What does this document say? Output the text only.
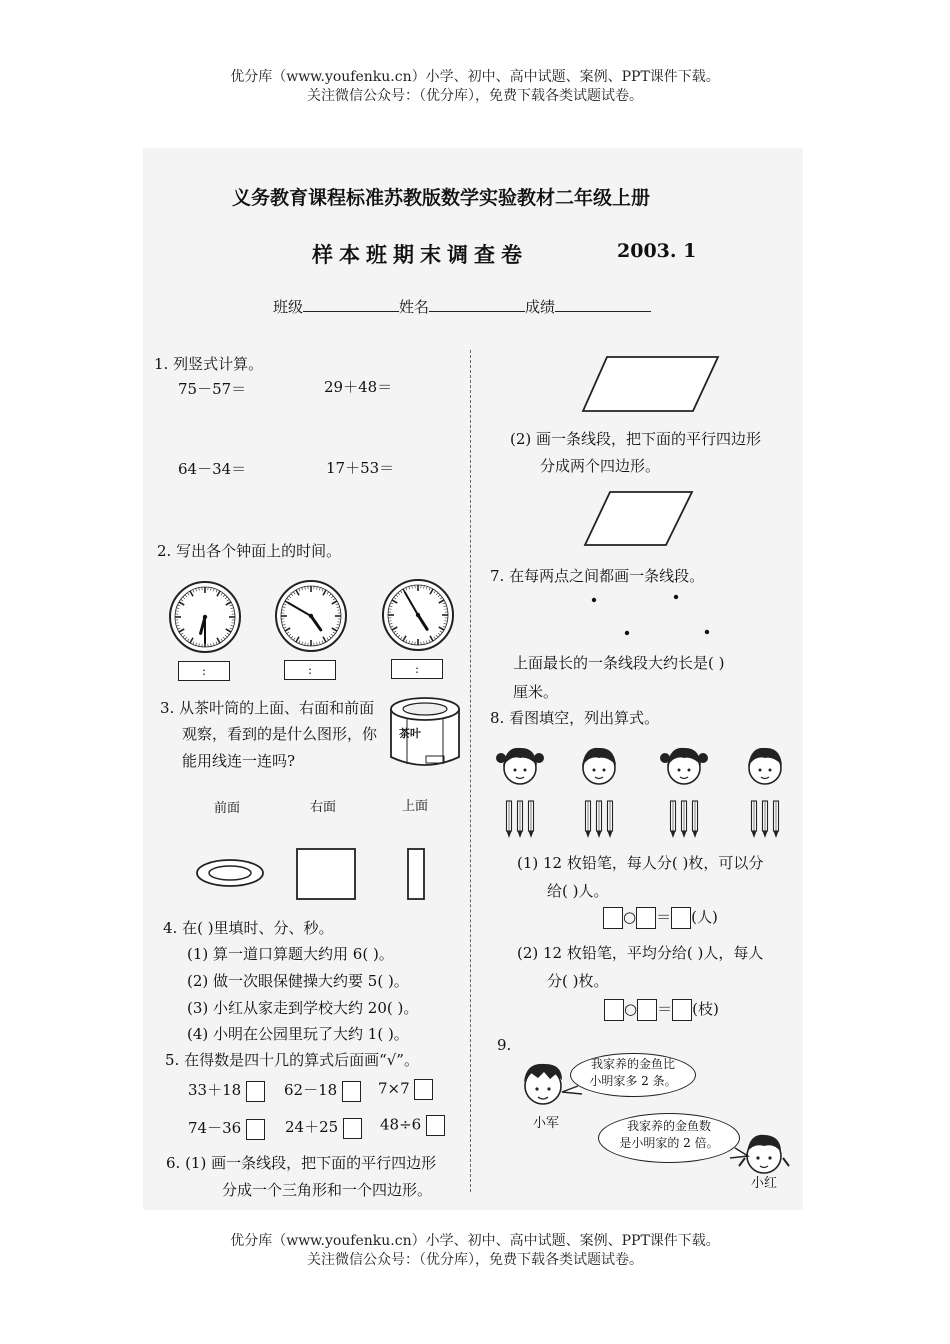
优分库（www.youfenku.cn）小学、初中、高中试题、案例、PPT课件下载。
关注微信公众号：（优分库），免费下载各类试题试卷。
义务教育课程标准苏教版数学实验教材二年级上册
样本班期末调查卷	2003. 1
班级	姓名	成绩
1. 列竖式计算。
75－57＝	29＋48＝
64－34＝	17＋53＝
2. 写出各个钟面上的时间。
:	:	:
3. 从茶叶筒的上面、右面和前面
观察，看到的是什么图形，你
能用线连一连吗?
茶叶
前面	右面	上面
4. 在( )里填时、分、秒。
(1) 算一道口算题大约用 6( )。
(2) 做一次眼保健操大约要 5( )。
(3) 小红从家走到学校大约 20( )。
(4) 小明在公园里玩了大约 1( )。
5. 在得数是四十几的算式后面画“√”。
33＋18	62－18	7×7
74－36	24＋25	48÷6
6. (1) 画一条线段，把下面的平行四边形
分成一个三角形和一个四边形。
(2) 画一条线段，把下面的平行四边形
分成两个四边形。
7. 在每两点之间都画一条线段。
上面最长的一条线段大约长是( )
厘米。
8. 看图填空，列出算式。
(1) 12 枚铅笔，每人分( )枚，可以分
给( )人。
○ ＝ (人)
(2) 12 枚铅笔，平均分给( )人，每人
分( )枚。
○ ＝ (枝)
9.
我家养的金鱼比
小明家多 2 条。
我家养的金鱼数
是小明家的 2 倍。
小军
小红
优分库（www.youfenku.cn）小学、初中、高中试题、案例、PPT课件下载。
关注微信公众号：（优分库），免费下载各类试题试卷。
